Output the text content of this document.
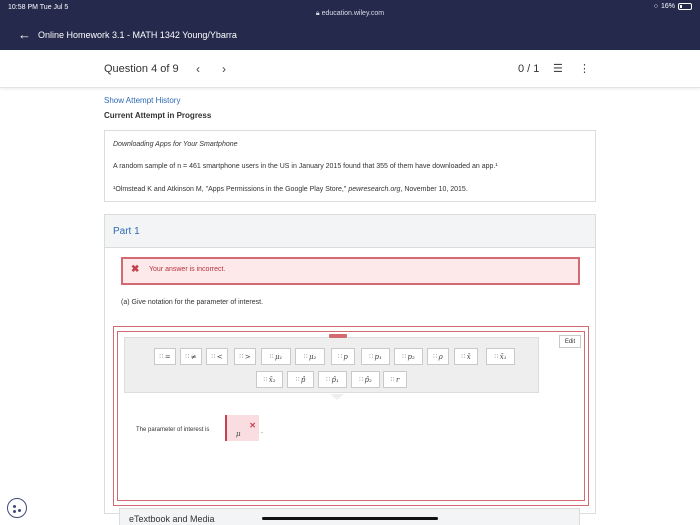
10:58 PM Tue Jul 5
🔒︎ education.wiley.com
○ 16%
← Online Homework 3.1 - MATH 1342 Young/Ybarra
Question 4 of 9 ‹ ›	0 / 1 ☰ ⋮
Show Attempt History
Current Attempt in Progress
Downloading Apps for Your Smartphone
A random sample of n = 461 smartphone users in the US in January 2015 found that 355 of them have downloaded an app.¹
¹Olmstead K and Atkinson M, "Apps Permissions in the Google Play Store," pewresearch.org, November 10, 2015.
Part 1
✖ Your answer is incorrect.
(a) Give notation for the parameter of interest.
∷ = ∷ ≠ ∷ <	∷ >	∷ μ₁	∷ μ₂	∷ p	∷ p₁	∷ p₂	∷ ρ	∷ x̄	∷ x̄₁
∷ x̄₂	∷ p̂	∷ p̂₁	∷ p̂₂	∷ r
Edit
The parameter of interest is	✕
μ	.
eTextbook and Media
